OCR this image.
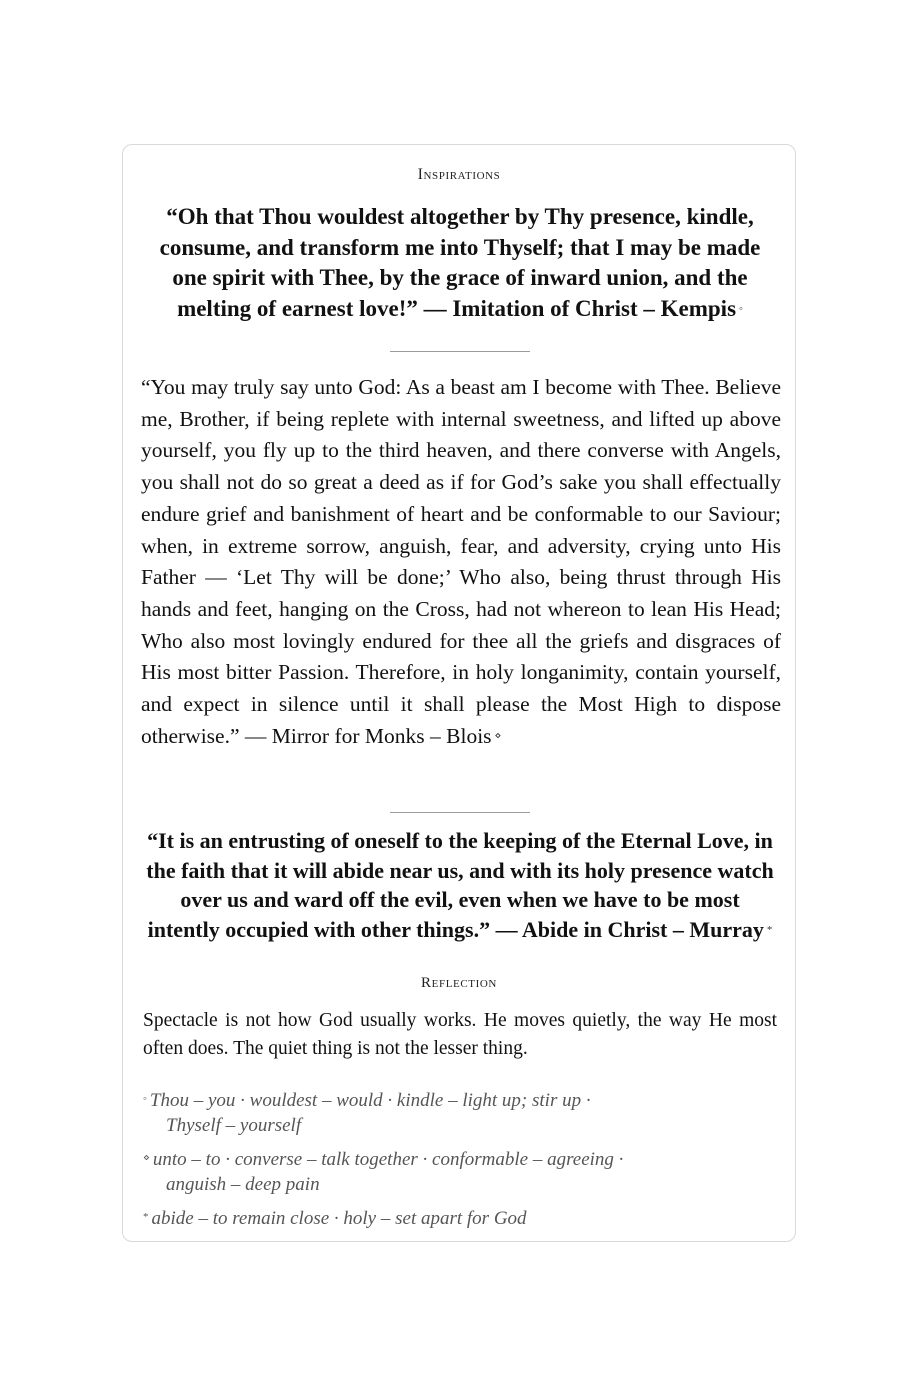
Inspirations
“Oh that Thou wouldest altogether by Thy presence, kindle, consume, and transform me into Thyself; that I may be made one spirit with Thee, by the grace of inward union, and the melting of earnest love!” — Imitation of Christ – Kempis ◦
“You may truly say unto God: As a beast am I become with Thee. Believe me, Brother, if being replete with internal sweetness, and lifted up above yourself, you fly up to the third heaven, and there converse with Angels, you shall not do so great a deed as if for God’s sake you shall effectually endure grief and banishment of heart and be conformable to our Saviour; when, in extreme sorrow, anguish, fear, and adversity, crying unto His Father — ‘Let Thy will be done;’ Who also, being thrust through His hands and feet, hanging on the Cross, had not whereon to lean His Head; Who also most lovingly endured for thee all the griefs and disgraces of His most bitter Passion. Therefore, in holy longanimity, contain yourself, and expect in silence until it shall please the Most High to dispose otherwise.” — Mirror for Monks – Blois ⋄
“It is an entrusting of oneself to the keeping of the Eternal Love, in the faith that it will abide near us, and with its holy presence watch over us and ward off the evil, even when we have to be most intently occupied with other things.” — Abide in Christ – Murray *
Reflection
Spectacle is not how God usually works. He moves quietly, the way He most often does. The quiet thing is not the lesser thing.
◦ Thou – you · wouldest – would · kindle – light up; stir up ·
Thyself – yourself
⋄ unto – to · converse – talk together · conformable – agreeing ·
anguish – deep pain
* abide – to remain close · holy – set apart for God
